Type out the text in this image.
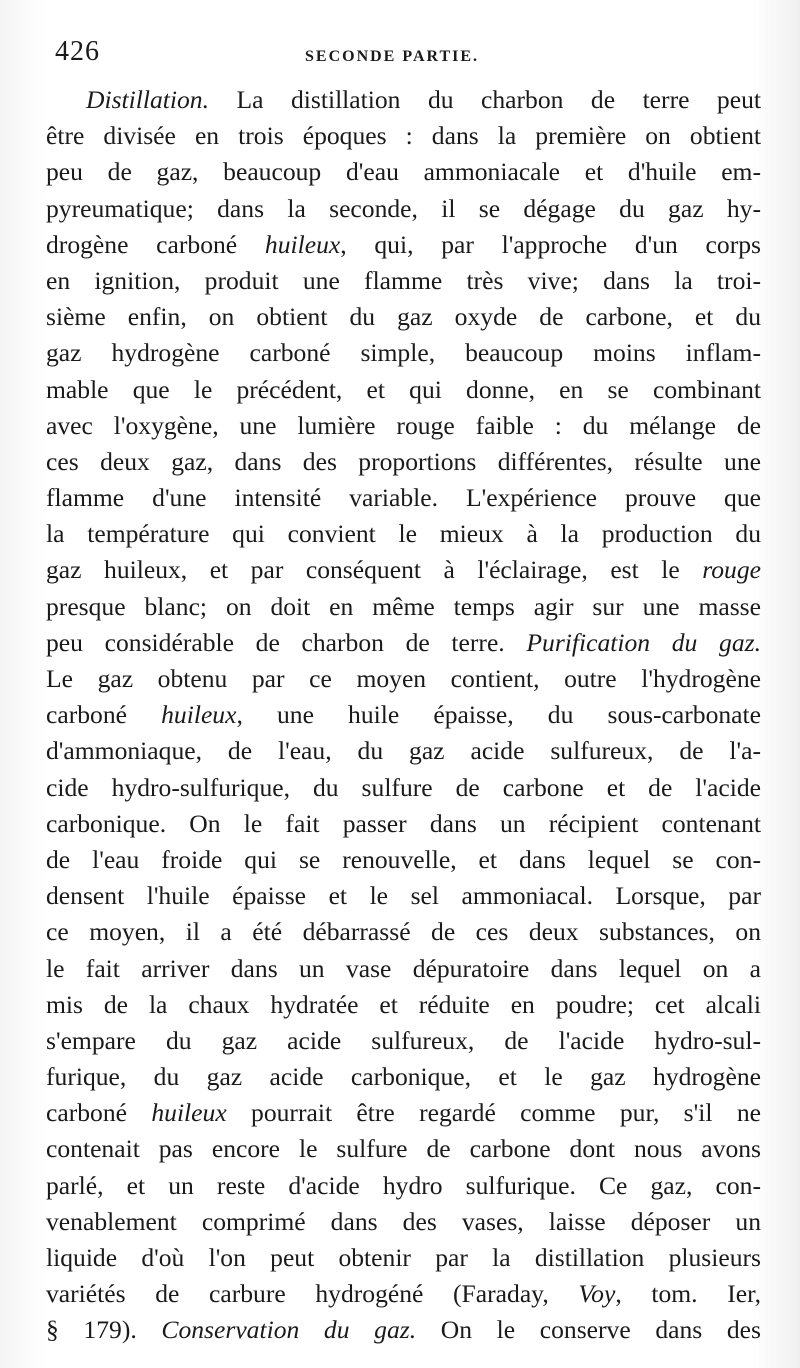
426	SECONDE PARTIE.
Distillation. La distillation du charbon de terre peut
être divisée en trois époques : dans la première on obtient
peu de gaz, beaucoup d'eau ammoniacale et d'huile em-
pyreumatique; dans la seconde, il se dégage du gaz hy-
drogène carboné huileux, qui, par l'approche d'un corps
en ignition, produit une flamme très vive; dans la troi-
sième enfin, on obtient du gaz oxyde de carbone, et du
gaz hydrogène carboné simple, beaucoup moins inflam-
mable que le précédent, et qui donne, en se combinant
avec l'oxygène, une lumière rouge faible : du mélange de
ces deux gaz, dans des proportions différentes, résulte une
flamme d'une intensité variable. L'expérience prouve que
la température qui convient le mieux à la production du
gaz huileux, et par conséquent à l'éclairage, est le rouge
presque blanc; on doit en même temps agir sur une masse
peu considérable de charbon de terre. Purification du gaz.
Le gaz obtenu par ce moyen contient, outre l'hydrogène
carboné huileux, une huile épaisse, du sous-carbonate
d'ammoniaque, de l'eau, du gaz acide sulfureux, de l'a-
cide hydro-sulfurique, du sulfure de carbone et de l'acide
carbonique. On le fait passer dans un récipient contenant
de l'eau froide qui se renouvelle, et dans lequel se con-
densent l'huile épaisse et le sel ammoniacal. Lorsque, par
ce moyen, il a été débarrassé de ces deux substances, on
le fait arriver dans un vase dépuratoire dans lequel on a
mis de la chaux hydratée et réduite en poudre; cet alcali
s'empare du gaz acide sulfureux, de l'acide hydro-sul-
furique, du gaz acide carbonique, et le gaz hydrogène
carboné huileux pourrait être regardé comme pur, s'il ne
contenait pas encore le sulfure de carbone dont nous avons
parlé, et un reste d'acide hydro sulfurique. Ce gaz, con-
venablement comprimé dans des vases, laisse déposer un
liquide d'où l'on peut obtenir par la distillation plusieurs
variétés de carbure hydrogéné (Faraday, Voy, tom. Ier,
§ 179). Conservation du gaz. On le conserve dans des
